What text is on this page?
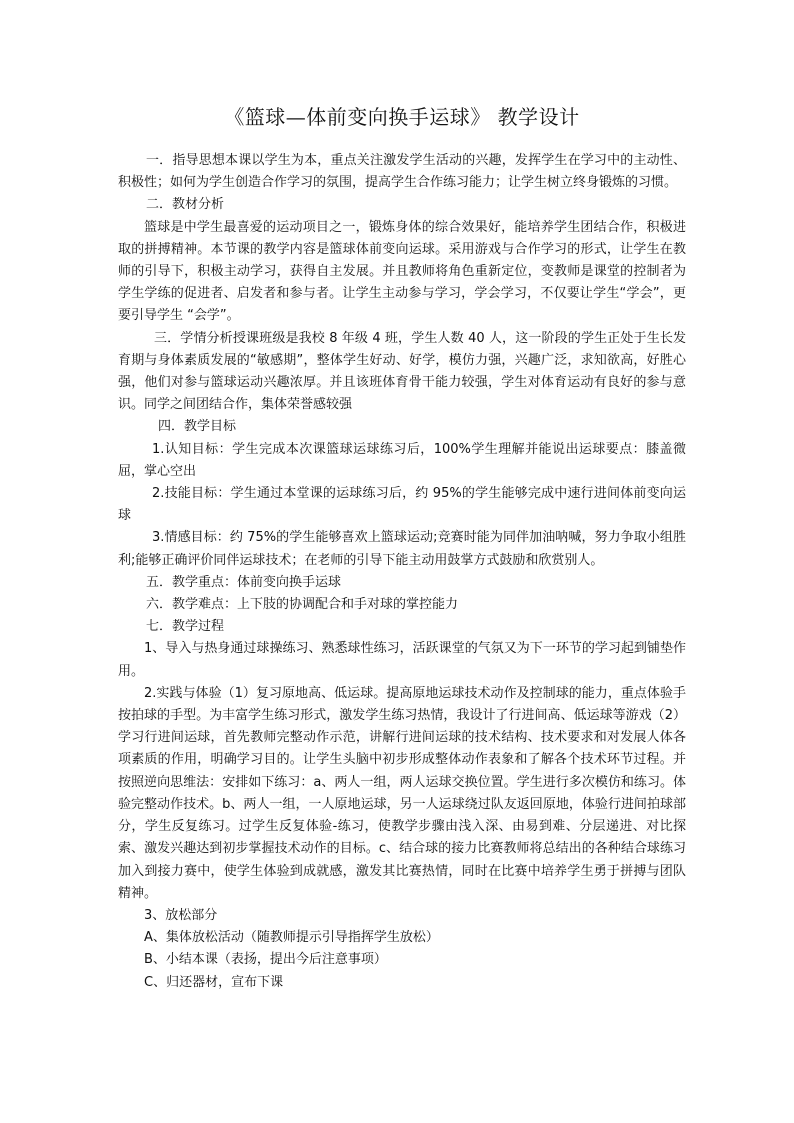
《篮球—体前变向换手运球》 教学设计

一．指导思想本课以学生为本，重点关注激发学生活动的兴趣，发挥学生在学习中的主动性、积极性；如何为学生创造合作学习的氛围，提高学生合作练习能力；让学生树立终身锻炼的习惯。

二．教材分析

篮球是中学生最喜爱的运动项目之一，锻炼身体的综合效果好，能培养学生团结合作，积极进取的拼搏精神。本节课的教学内容是篮球体前变向运球。采用游戏与合作学习的形式，让学生在教师的引导下，积极主动学习，获得自主发展。并且教师将角色重新定位，变教师是课堂的控制者为学生学练的促进者、启发者和参与者。让学生主动参与学习，学会学习，不仅要让学生“学会”，更要引导学生 “会学”。

三．学情分析授课班级是我校 8 年级 4 班，学生人数 40 人，这一阶段的学生正处于生长发育期与身体素质发展的“敏感期”，整体学生好动、好学，模仿力强，兴趣广泛，求知欲高，好胜心强，他们对参与篮球运动兴趣浓厚。并且该班体育骨干能力较强，学生对体育运动有良好的参与意识。同学之间团结合作，集体荣誉感较强

四．教学目标

1.认知目标：学生完成本次课篮球运球练习后，100%学生理解并能说出运球要点：膝盖微屈，掌心空出

2.技能目标：学生通过本堂课的运球练习后，约 95%的学生能够完成中速行进间体前变向运球

3.情感目标：约 75%的学生能够喜欢上篮球运动;竞赛时能为同伴加油呐喊，努力争取小组胜利;能够正确评价同伴运球技术；在老师的引导下能主动用鼓掌方式鼓励和欣赏别人。

五．教学重点：体前变向换手运球

六．教学难点：上下肢的协调配合和手对球的掌控能力

七．教学过程

1、导入与热身通过球操练习、熟悉球性练习，活跃课堂的气氛又为下一环节的学习起到铺垫作用。

2.实践与体验（1）复习原地高、低运球。提高原地运球技术动作及控制球的能力，重点体验手按拍球的手型。为丰富学生练习形式，激发学生练习热情，我设计了行进间高、低运球等游戏（2）学习行进间运球，首先教师完整动作示范，讲解行进间运球的技术结构、技术要求和对发展人体各项素质的作用，明确学习目的。让学生头脑中初步形成整体动作表象和了解各个技术环节过程。并按照逆向思维法：安排如下练习：a、两人一组，两人运球交换位置。学生进行多次模仿和练习。体验完整动作技术。b、两人一组，一人原地运球，另一人运球绕过队友返回原地，体验行进间拍球部分，学生反复练习。过学生反复体验-练习，使教学步骤由浅入深、由易到难、分层递进、对比探索、激发兴趣达到初步掌握技术动作的目标。c、结合球的接力比赛教师将总结出的各种结合球练习加入到接力赛中，使学生体验到成就感，激发其比赛热情，同时在比赛中培养学生勇于拼搏与团队精神。

3、放松部分

A、集体放松活动（随教师提示引导指挥学生放松）

B、小结本课（表扬，提出今后注意事项）

C、归还器材，宣布下课
